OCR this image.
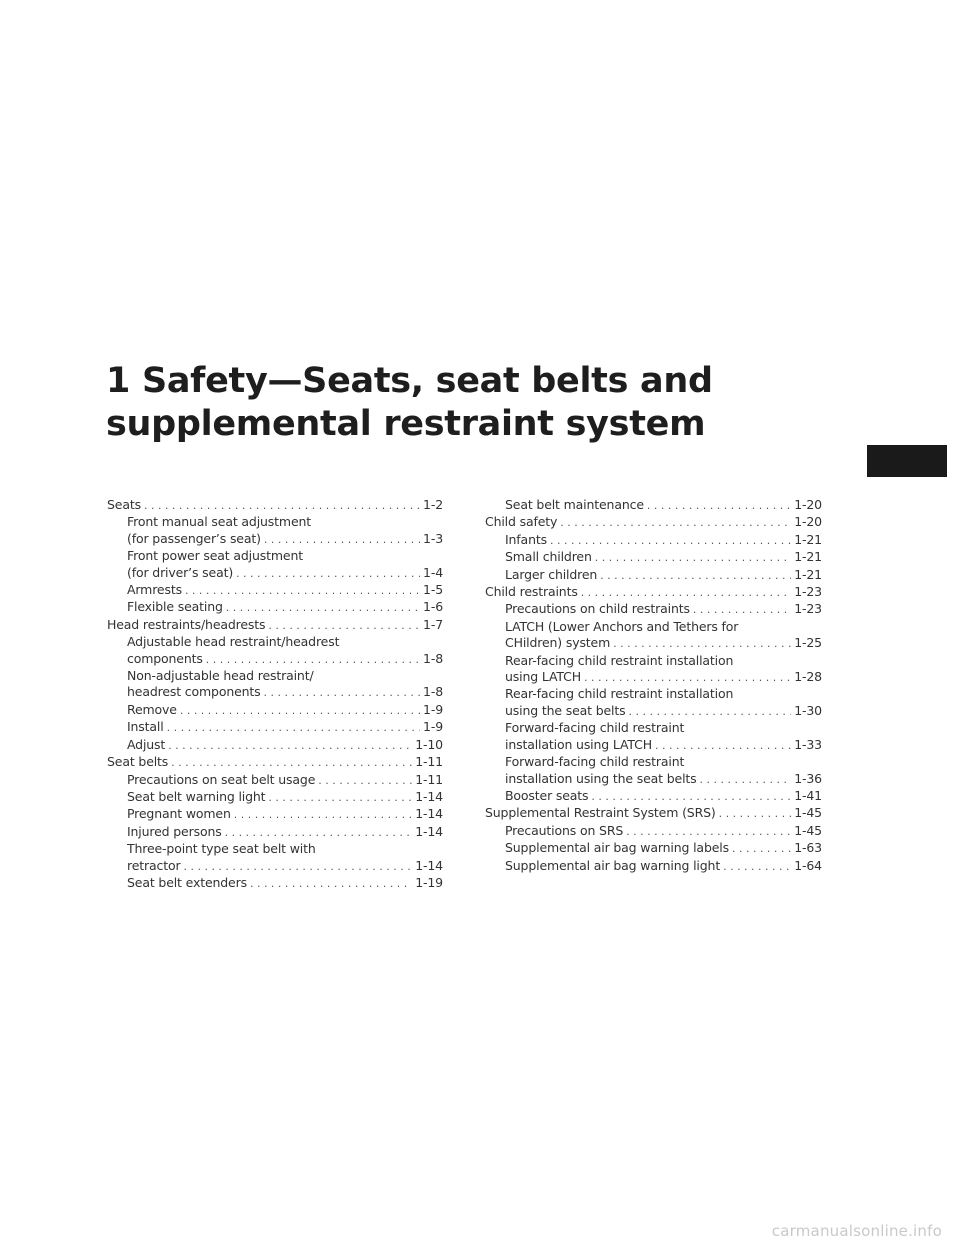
1 Safety—Seats, seat belts and
supplemental restraint system
Seats . . .	1-2
Front manual seat adjustment
(for passenger’s seat) . . .	1-3
Front power seat adjustment
(for driver’s seat) . . .	1-4
Armrests . . .	1-5
Flexible seating . . .	1-6
Head restraints/headrests . . .	1-7
Adjustable head restraint/headrest
components . . .	1-8
Non-adjustable head restraint/
headrest components . . .	1-8
Remove . . .	1-9
Install . . .	1-9
Adjust . . .	1-10
Seat belts . . .	1-11
Precautions on seat belt usage . . .	1-11
Seat belt warning light . . .	1-14
Pregnant women . . .	1-14
Injured persons . . .	1-14
Three-point type seat belt with
retractor . . .	1-14
Seat belt extenders . . .	1-19
Seat belt maintenance . . .	1-20
Child safety . . .	1-20
Infants . . .	1-21
Small children . . .	1-21
Larger children . . .	1-21
Child restraints . . .	1-23
Precautions on child restraints . . .	1-23
LATCH (Lower Anchors and Tethers for
CHildren) system . . .	1-25
Rear-facing child restraint installation
using LATCH . . .	1-28
Rear-facing child restraint installation
using the seat belts . . .	1-30
Forward-facing child restraint
installation using LATCH . . .	1-33
Forward-facing child restraint
installation using the seat belts . . .	1-36
Booster seats . . .	1-41
Supplemental Restraint System (SRS) . . .	1-45
Precautions on SRS . . .	1-45
Supplemental air bag warning labels . . .	1-63
Supplemental air bag warning light . . .	1-64
carmanualsonline.info
